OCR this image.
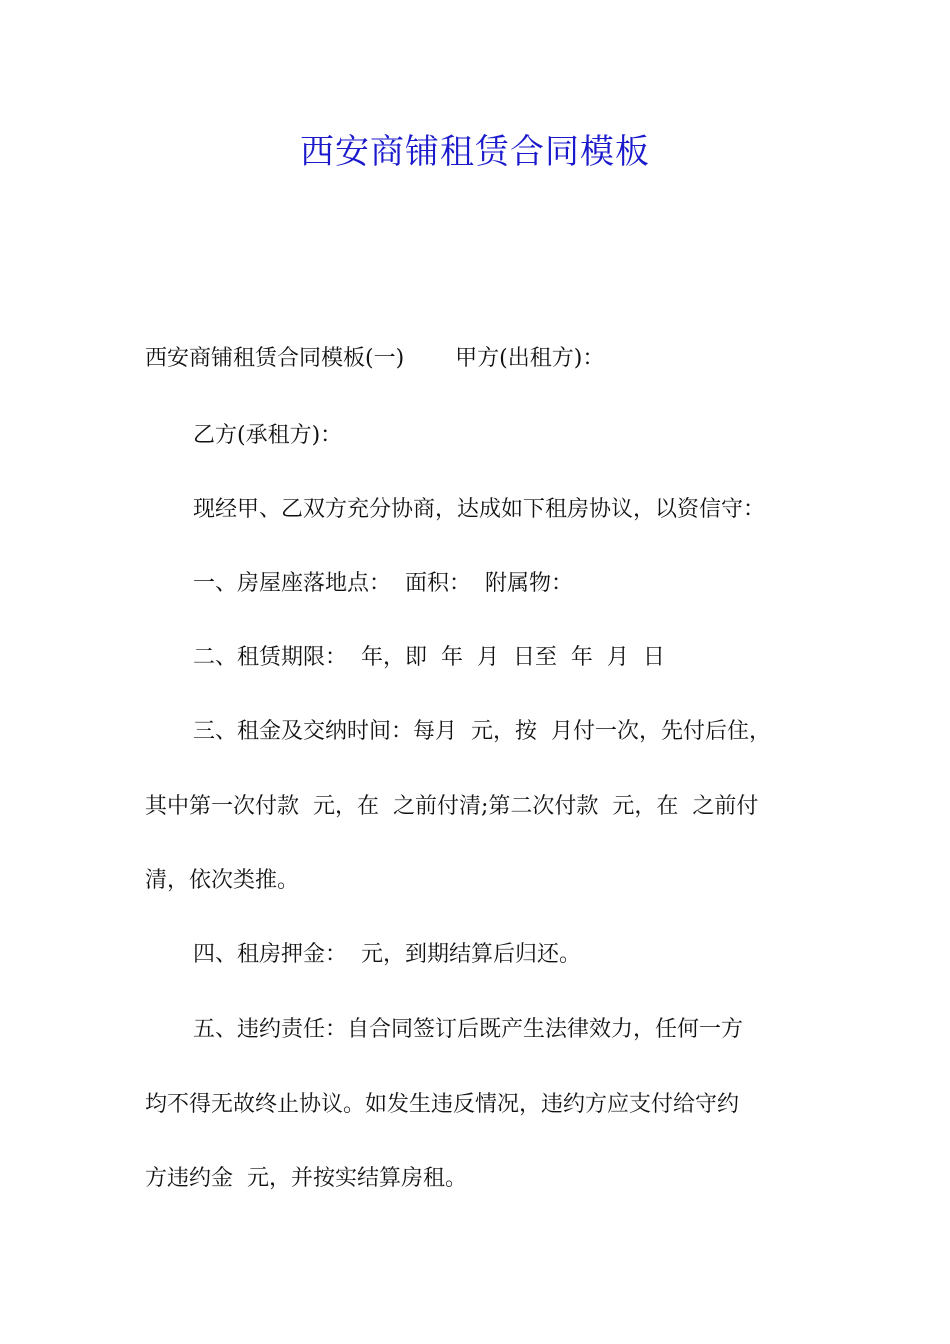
西安商铺租赁合同模板
西安商铺租赁合同模板(一)　　 甲方(出租方)：
乙方(承租方)：
现经甲、乙双方充分协商，达成如下租房协议，以资信守：
一、房屋座落地点：  面积：  附属物：
二、租赁期限：  年，即  年  月  日至  年  月  日
三、租金及交纳时间：每月  元，按  月付一次，先付后住，
其中第一次付款  元，在  之前付清;第二次付款  元，在  之前付
清，依次类推。
四、租房押金：  元，到期结算后归还。
五、违约责任：自合同签订后既产生法律效力，任何一方
均不得无故终止协议。如发生违反情况，违约方应支付给守约
方违约金  元，并按实结算房租。
